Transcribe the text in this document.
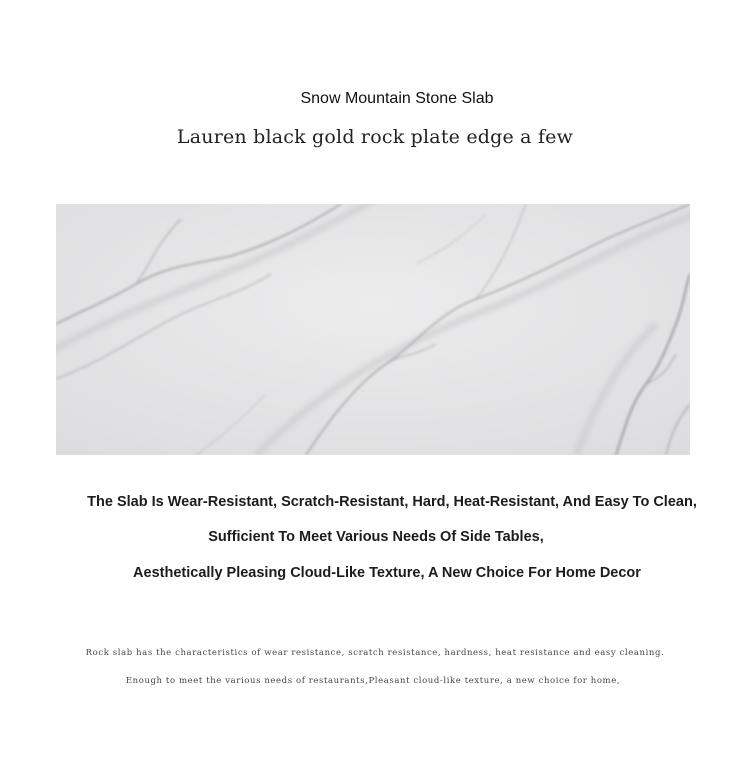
Snow Mountain Stone Slab
Lauren black gold rock plate edge a few
The Slab Is Wear-Resistant, Scratch-Resistant, Hard, Heat-Resistant, And Easy To Clean,
Sufficient To Meet Various Needs Of Side Tables,
Aesthetically Pleasing Cloud-Like Texture, A New Choice For Home Decor
Rock slab has the characteristics of wear resistance, scratch resistance, hardness, heat resistance and easy cleaning.
Enough to meet the various needs of restaurants,Pleasant cloud-like texture, a new choice for home,
